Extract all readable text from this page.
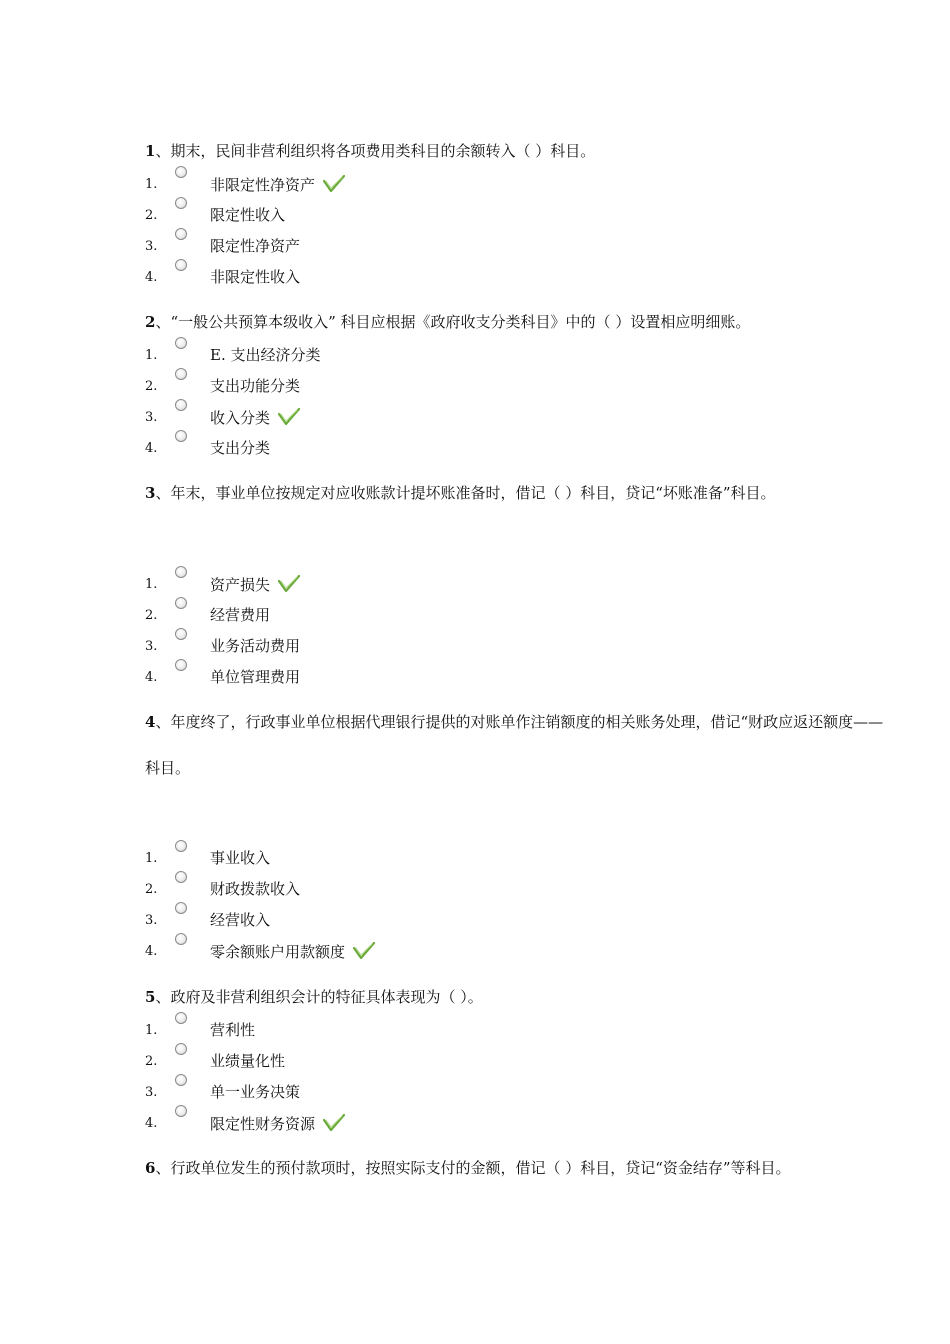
1、期末，民间非营利组织将各项费用类科目的余额转入（ ）科目。
1.	非限定性净资产
2.	限定性收入
3.	限定性净资产
4.	非限定性收入
2、“一般公共预算本级收入” 科目应根据《政府收支分类科目》中的（ ）设置相应明细账。
1.	E. 支出经济分类
2.	支出功能分类
3.	收入分类
4.	支出分类
3、年末，事业单位按规定对应收账款计提坏账准备时，借记（ ）科目，贷记“坏账准备”科目。
1.	资产损失
2.	经营费用
3.	业务活动费用
4.	单位管理费用
4、年度终了，行政事业单位根据代理银行提供的对账单作注销额度的相关账务处理，借记“财政应返还额度——
科目。
1.	事业收入
2.	财政拨款收入
3.	经营收入
4.	零余额账户用款额度
5、政府及非营利组织会计的特征具体表现为（ ）。
1.	营利性
2.	业绩量化性
3.	单一业务决策
4.	限定性财务资源
6、行政单位发生的预付款项时，按照实际支付的金额，借记（ ）科目，贷记“资金结存”等科目。
